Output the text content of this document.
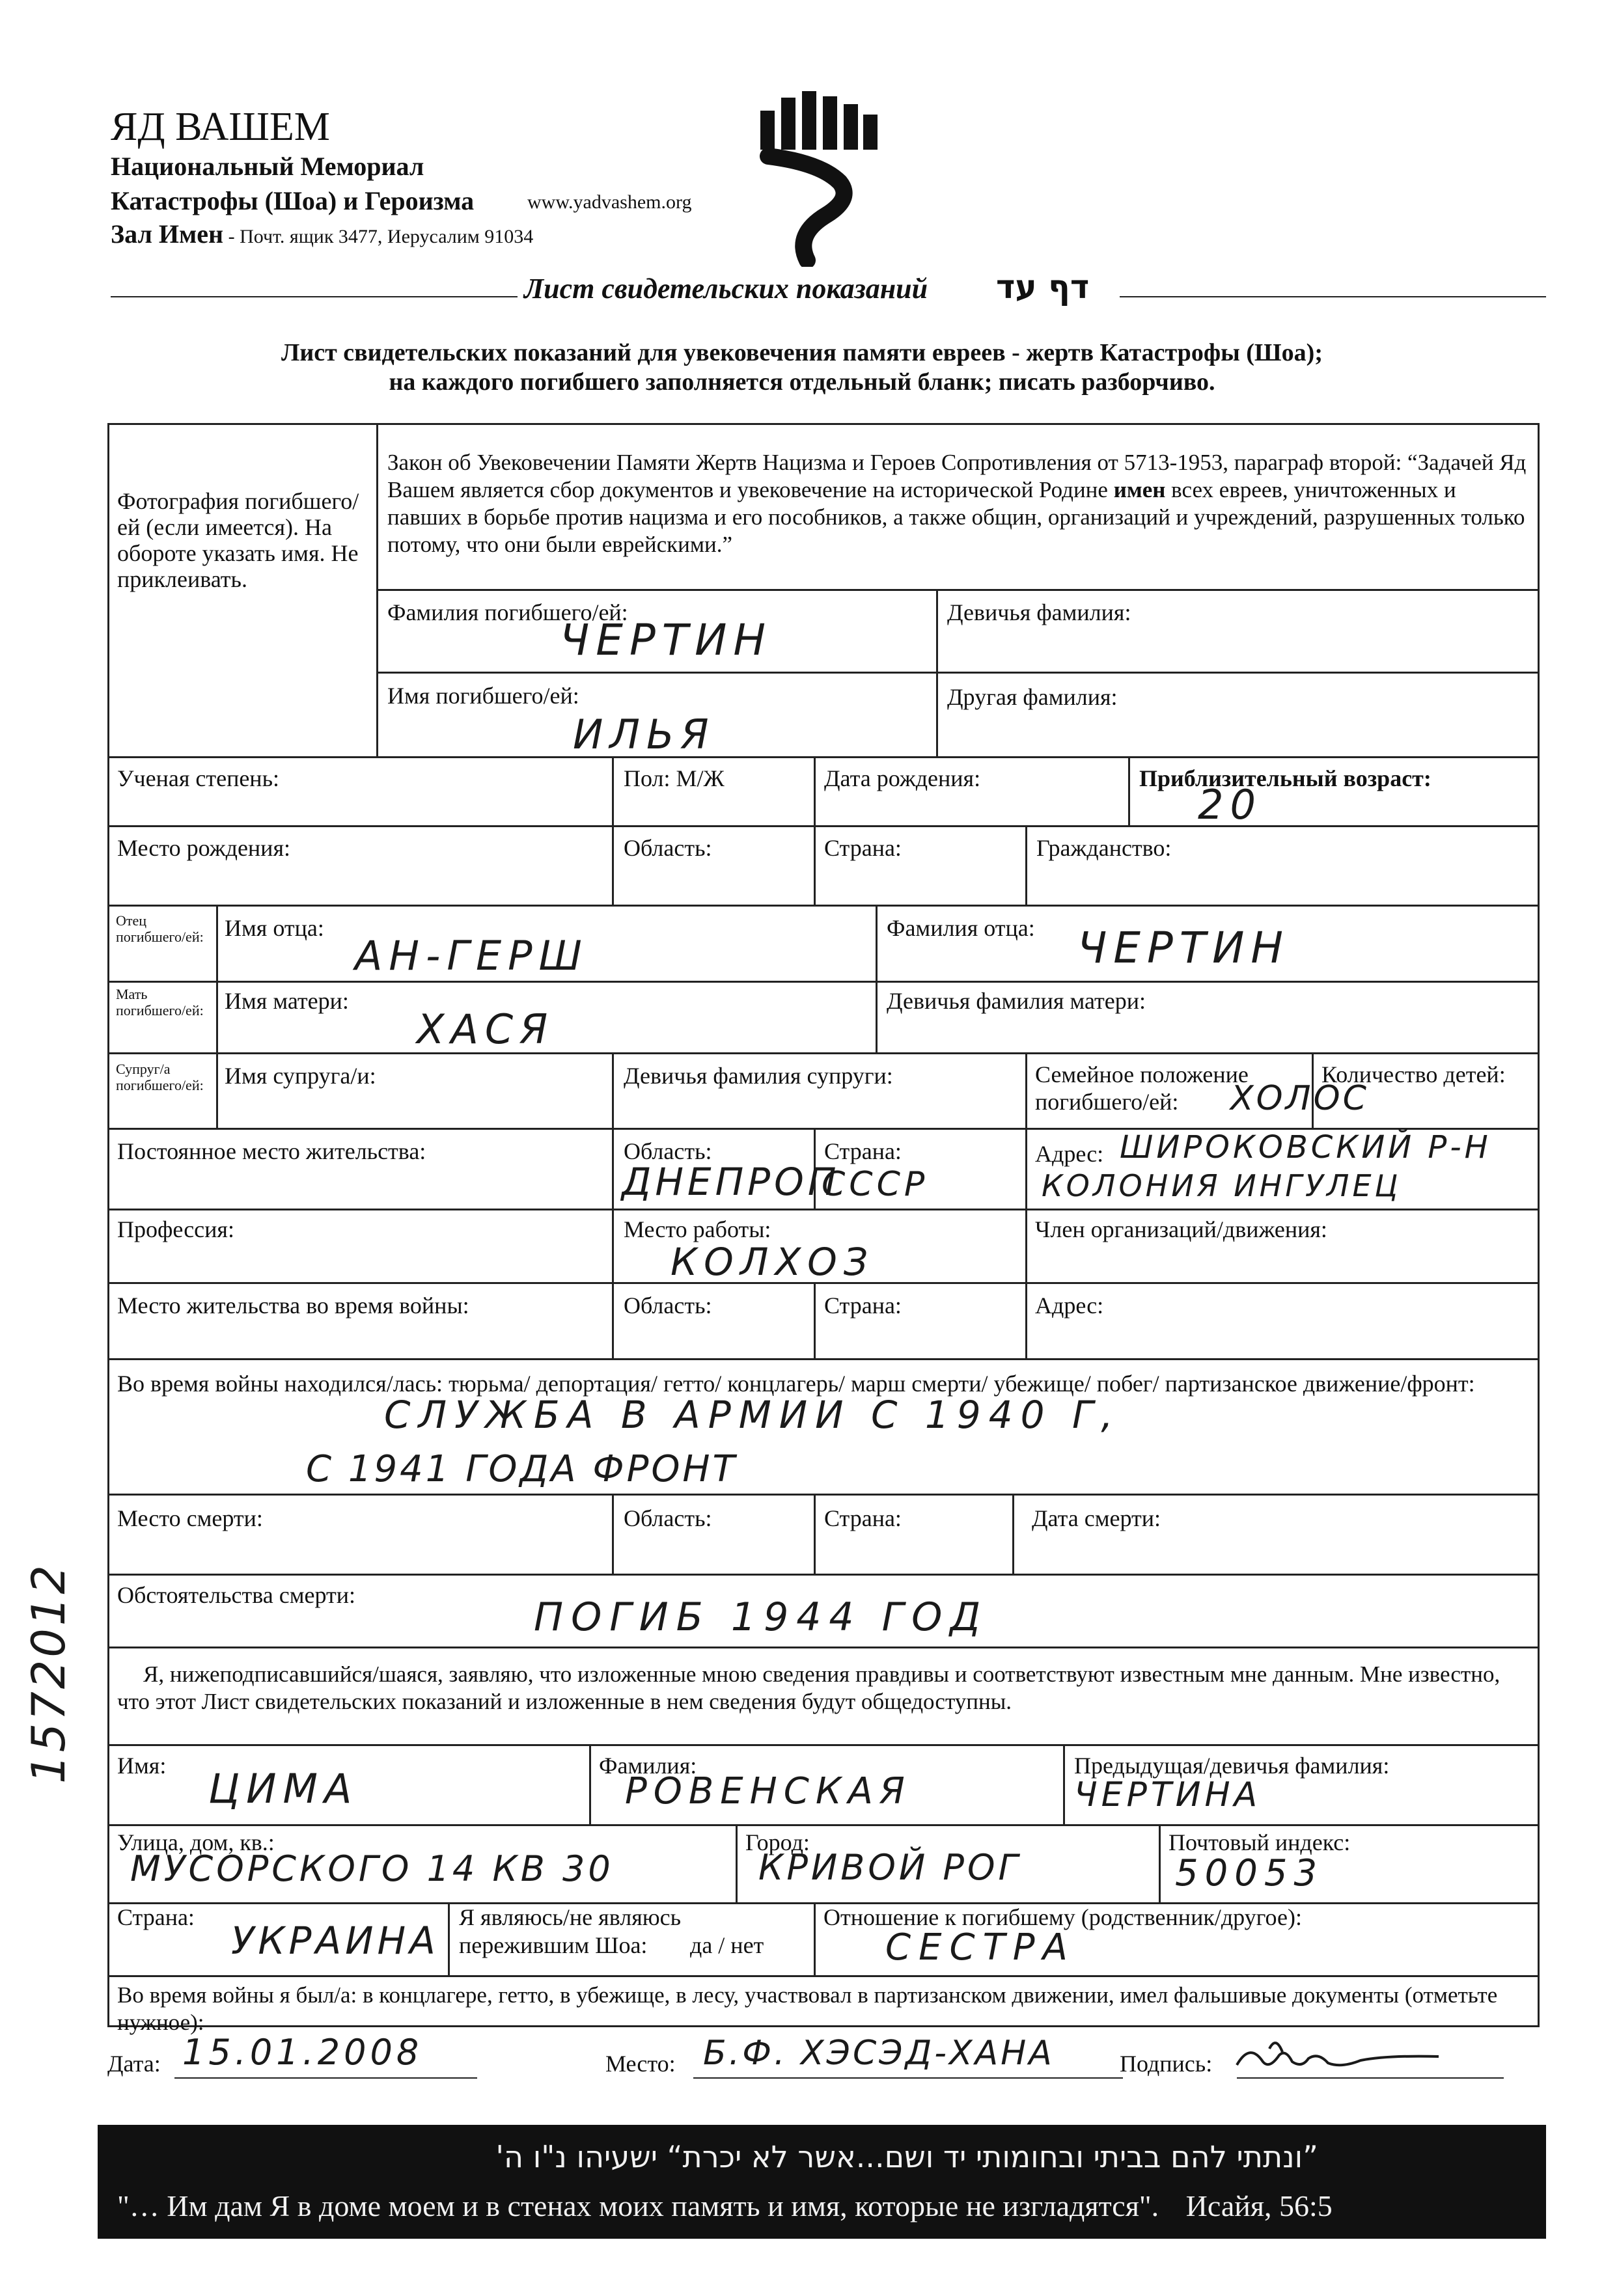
ЯД ВАШЕМ
Национальный Мемориал
Катастрофы (Шоа) и Героизма	www.yadvashem.org
Зал Имен - Почт. ящик 3477, Иерусалим 91034
Лист свидетельских показаний דף עד
Лист свидетельских показаний для увековечения памяти евреев - жертв Катастрофы (Шоа);
на каждого погибшего заполняется отдельный бланк; писать разборчиво.
Фотография погибшего/ей (если имеется). На обороте указать имя. Не приклеивать.
Закон об Увековечении Памяти Жертв Нацизма и Героев Сопротивления от 5713-1953, параграф второй: “Задачей Яд Вашем является сбор документов и увековечение на исторической Родине имен всех евреев, уничтоженных и павших в борьбе против нацизма и его пособников, а также общин, организаций и учреждений, разрушенных только потому, что они были еврейскими.”
Фамилия погибшего/ей:
ЧЕРТИН
Девичья фамилия:
Имя погибшего/ей:
ИЛЬЯ
Другая фамилия:
Ученая степень:	Пол: М/Ж	Дата рождения:	Приблизительный возраст:
20
Место рождения:	Область:	Страна:	Гражданство:
Отец погибшего/ей: Имя отца:
АН-ГЕРШ
Фамилия отца: ЧЕРТИН
Мать погибшего/ей: Имя матери:
ХАСЯ
Девичья фамилия матери:
Супруг/а погибшего/ей: Имя супруга/и:	Девичья фамилия супруги:	Семейное положение погибшего/ей:	ХОЛОС
Количество детей:
Постоянное место жительства:	Область:
ДНЕПРОП
Страна:
СССР
Адрес: ШИРОКОВСКИЙ Р-Н
КОЛОНИЯ ИНГУЛЕЦ
Профессия:	Место работы:
КОЛХОЗ
Член организаций/движения:
Место жительства во время войны:	Область:	Страна:	Адрес:
Во время войны находился/лась: тюрьма/ депортация/ гетто/ концлагерь/ марш смерти/ убежище/ побег/ партизанское движение/фронт:
СЛУЖБА В АРМИИ С 1940 Г,
С 1941 ГОДА ФРОНТ
Место смерти:	Область:	Страна:	Дата смерти:
Обстоятельства смерти:	ПОГИБ 1944 ГОД
Я, нижеподписавшийся/шаяся, заявляю, что изложенные мною сведения правдивы и соответствуют известным мне данным. Мне известно, что этот Лист свидетельских показаний и изложенные в нем сведения будут общедоступны.
Имя: ЦИМА	Фамилия:
РОВЕНСКАЯ
Предыдущая/девичья фамилия:
ЧЕРТИНА
Улица, дом, кв.:
МУСОРСКОГО 14 КВ 30
Город:
КРИВОЙ РОГ
Почтовый индекс:
50053
Страна:
УКРАИНА
Я являюсь/не являюсь
пережившим Шоа: да / нет
Отношение к погибшему (родственник/другое):
СЕСТРА
Во время войны я был/а: в концлагере, гетто, в убежище, в лесу, участвовал в партизанском движении, имел фальшивые документы (отметьте нужное):
Дата: 15.01.2008	Место: Б.Ф. ХЭСЭД-ХАНА	Подпись:
1572012
”ונתתי להם בביתי ובחומותי יד ושם...אשר לא יכרת“ ישעיהו נ"ו ה'
"… Им дам Я в доме моем и в стенах моих память и имя, которые не изгладятся". Исайя, 56:5
